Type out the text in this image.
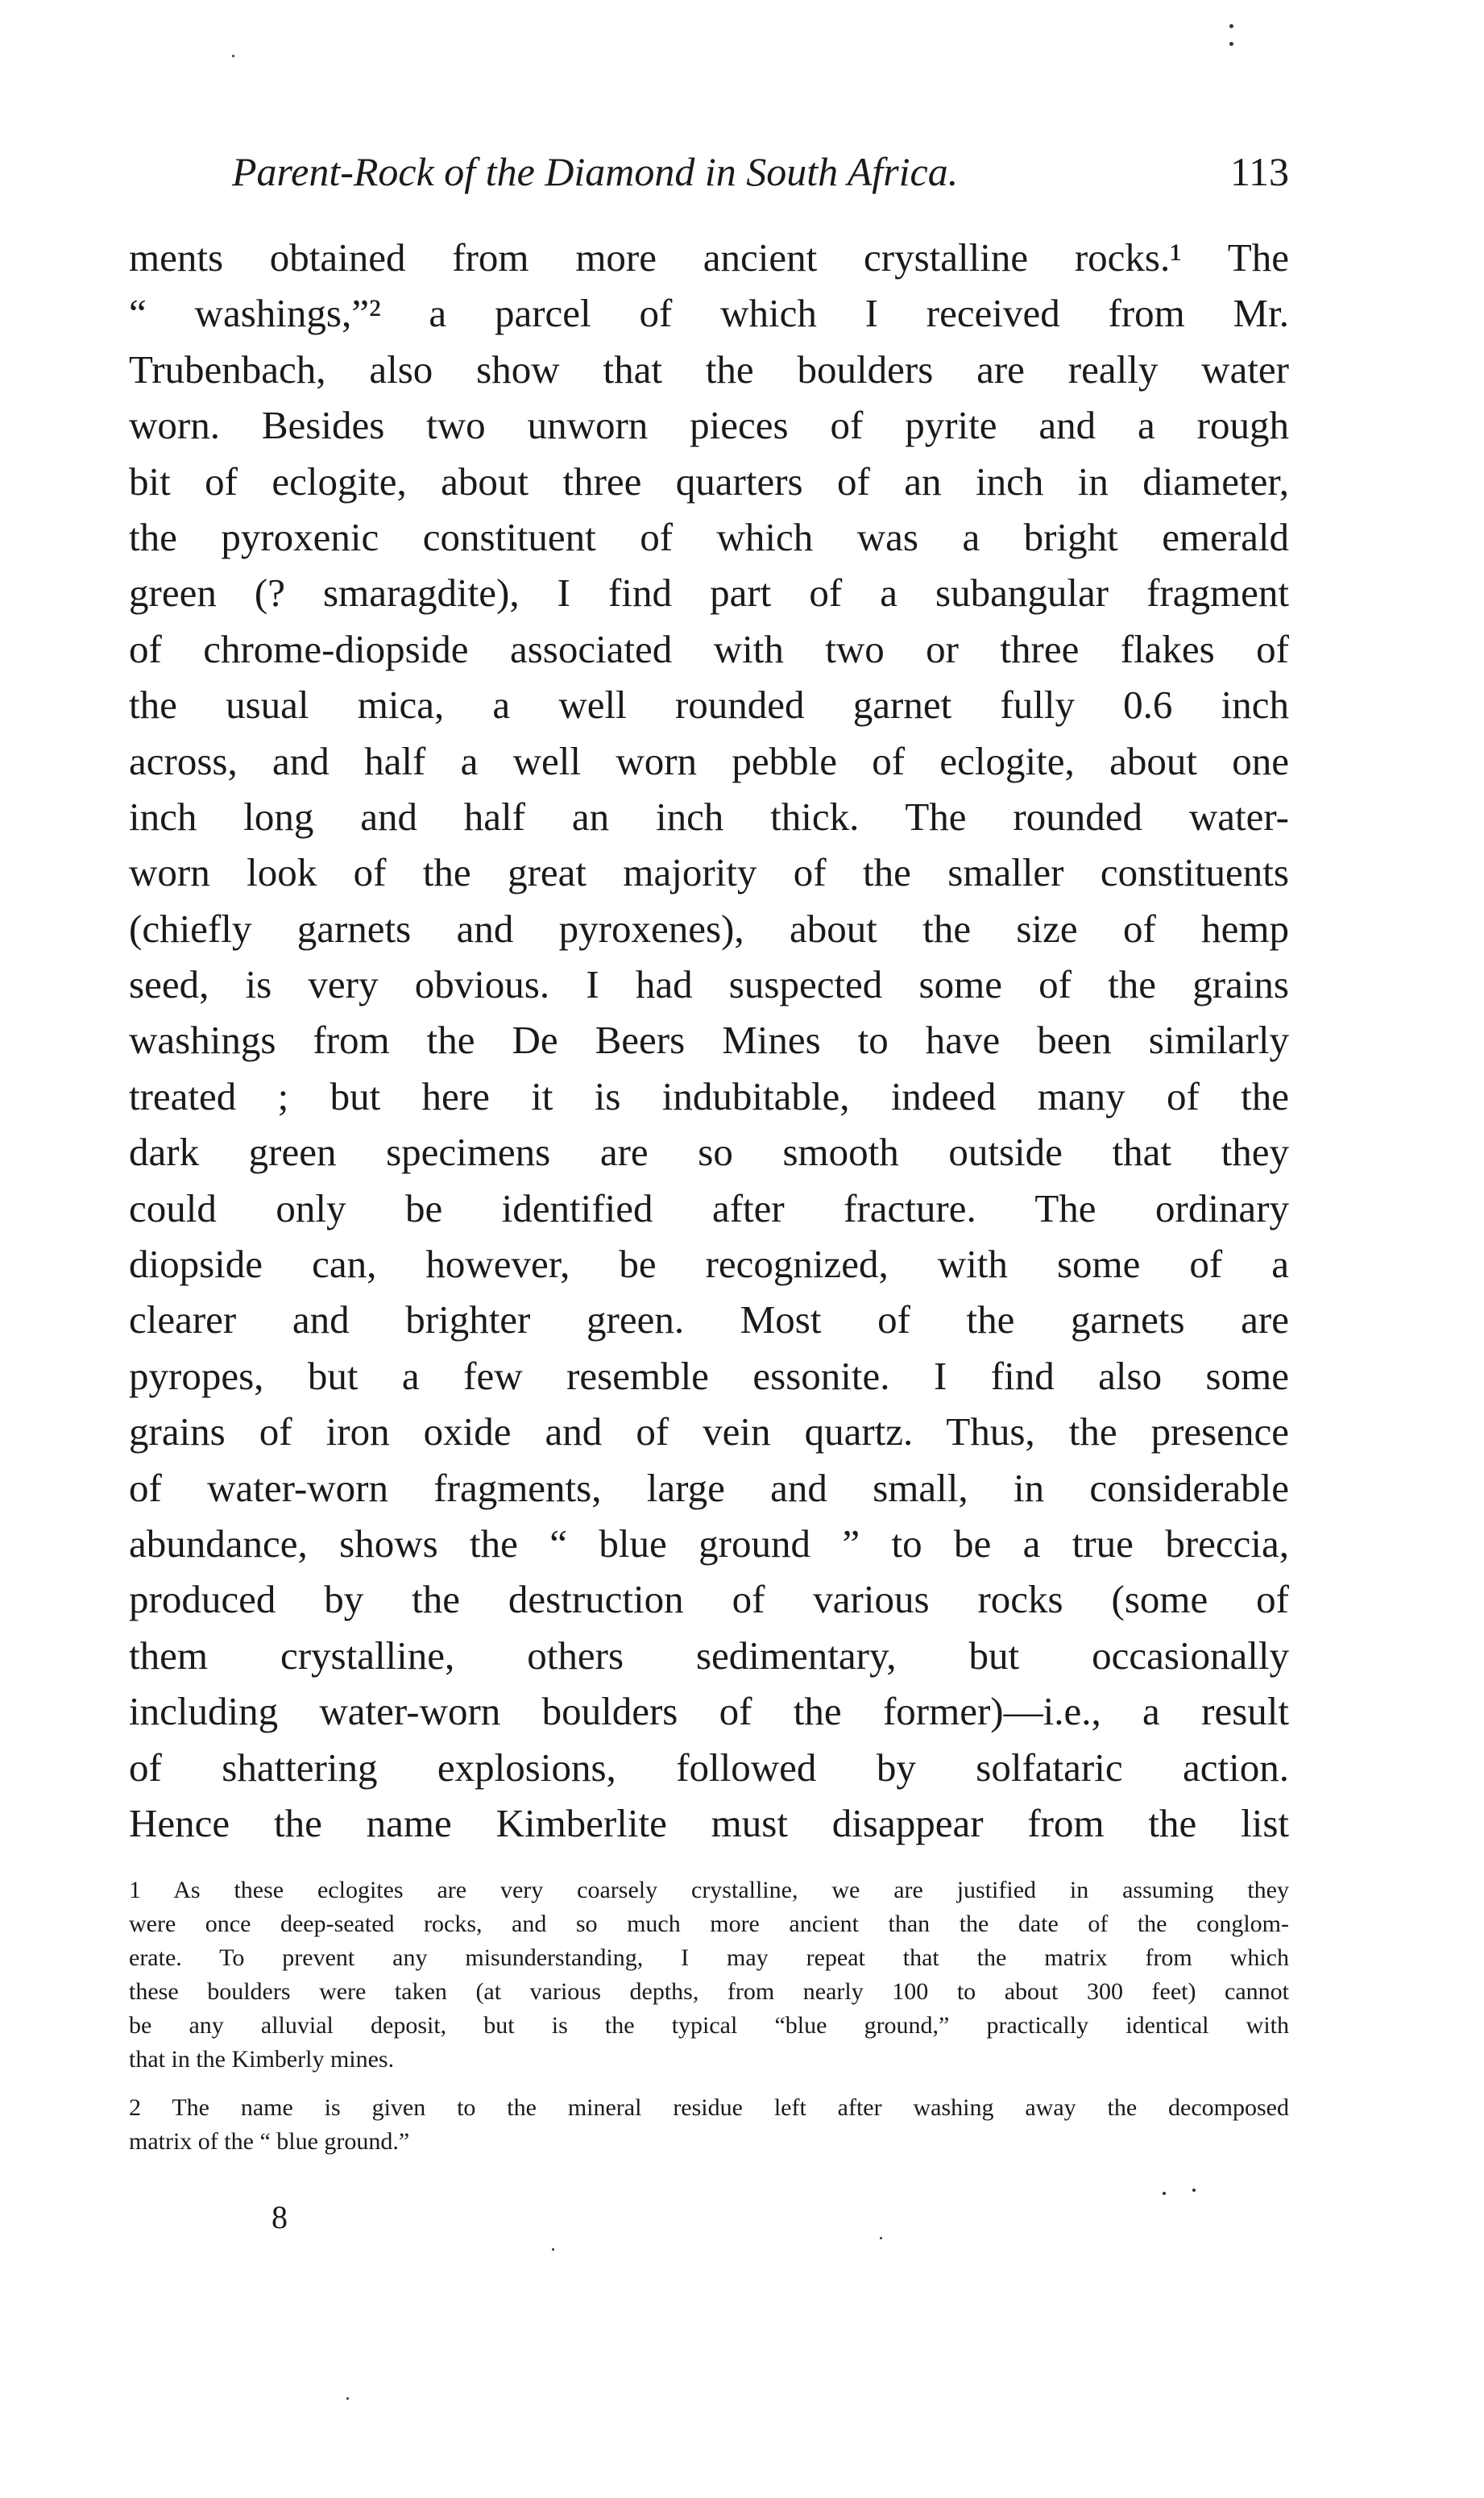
Parent-Rock of the Diamond in South Africa.	113
ments obtained from more ancient crystalline rocks.¹ The
“ washings,”² a parcel of which I received from Mr.
Trubenbach, also show that the boulders are really water
worn. Besides two unworn pieces of pyrite and a rough
bit of eclogite, about three quarters of an inch in diameter,
the pyroxenic constituent of which was a bright emerald
green (? smaragdite), I find part of a subangular fragment
of chrome-diopside associated with two or three flakes of
the usual mica, a well rounded garnet fully 0.6 inch
across, and half a well worn pebble of eclogite, about one
inch long and half an inch thick. The rounded water-
worn look of the great majority of the smaller constituents
(chiefly garnets and pyroxenes), about the size of hemp
seed, is very obvious. I had suspected some of the grains
washings from the De Beers Mines to have been similarly
treated ; but here it is indubitable, indeed many of the
dark green specimens are so smooth outside that they
could only be identified after fracture. The ordinary
diopside can, however, be recognized, with some of a
clearer and brighter green. Most of the garnets are
pyropes, but a few resemble essonite. I find also some
grains of iron oxide and of vein quartz. Thus, the presence
of water-worn fragments, large and small, in considerable
abundance, shows the “ blue ground ” to be a true breccia,
produced by the destruction of various rocks (some of
them crystalline, others sedimentary, but occasionally
including water-worn boulders of the former)—i.e., a result
of shattering explosions, followed by solfataric action.
Hence the name Kimberlite must disappear from the list
1 As these eclogites are very coarsely crystalline, we are justified in assuming they
were once deep-seated rocks, and so much more ancient than the date of the conglom-
erate. To prevent any misunderstanding, I may repeat that the matrix from which
these boulders were taken (at various depths, from nearly 100 to about 300 feet) cannot
be any alluvial deposit, but is the typical “blue ground,” practically identical with
that in the Kimberly mines.
2 The name is given to the mineral residue left after washing away the decomposed
matrix of the “ blue ground.”
8
